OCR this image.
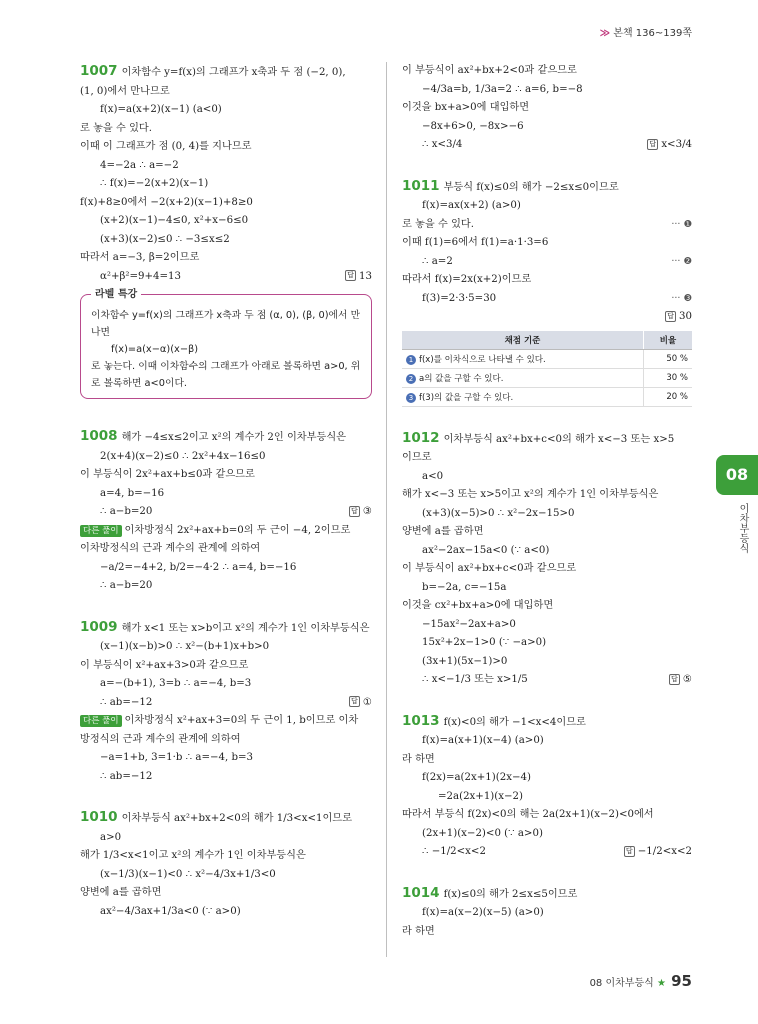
≫ 본책 136~139쪽
1007 이차함수 y=f(x)의 그래프가 x축과 두 점 (−2, 0),
(1, 0)에서 만나므로
f(x)=a(x+2)(x−1) (a<0)
로 놓을 수 있다.
이때 이 그래프가 점 (0, 4)를 지나므로
4=−2a ∴ a=−2
∴ f(x)=−2(x+2)(x−1)
f(x)+8≥0에서 −2(x+2)(x−1)+8≥0
(x+2)(x−1)−4≤0, x²+x−6≤0
(x+3)(x−2)≤0 ∴ −3≤x≤2
따라서 a=−3, β=2이므로
α²+β²=9+4=13	답 13
라벨 특강
이차함수 y=f(x)의 그래프가 x축과 두 점 (α, 0), (β, 0)에서 만나면
f(x)=a(x−α)(x−β)
로 놓는다. 이때 이차함수의 그래프가 아래로 볼록하면 a>0, 위로 볼록하면 a<0이다.
1008 해가 −4≤x≤2이고 x²의 계수가 2인 이차부등식은
2(x+4)(x−2)≤0 ∴ 2x²+4x−16≤0
이 부등식이 2x²+ax+b≤0과 같으므로
a=4, b=−16
∴ a−b=20	답 ③
다른 풀이 이차방정식 2x²+ax+b=0의 두 근이 −4, 2이므로
이차방정식의 근과 계수의 관계에 의하여
−a/2=−4+2, b/2=−4·2 ∴ a=4, b=−16
∴ a−b=20
1009 해가 x<1 또는 x>b이고 x²의 계수가 1인 이차부등식은
(x−1)(x−b)>0 ∴ x²−(b+1)x+b>0
이 부등식이 x²+ax+3>0과 같으므로
a=−(b+1), 3=b ∴ a=−4, b=3
∴ ab=−12	답 ①
다른 풀이 이차방정식 x²+ax+3=0의 두 근이 1, b이므로 이차
방정식의 근과 계수의 관계에 의하여
−a=1+b, 3=1·b ∴ a=−4, b=3
∴ ab=−12
1010 이차부등식 ax²+bx+2<0의 해가 1/3<x<1이므로
a>0
해가 1/3<x<1이고 x²의 계수가 1인 이차부등식은
(x−1/3)(x−1)<0 ∴ x²−4/3x+1/3<0
양변에 a를 곱하면
ax²−4/3ax+1/3a<0 (∵ a>0)
이 부등식이 ax²+bx+2<0과 같으므로
−4/3a=b, 1/3a=2 ∴ a=6, b=−8
이것을 bx+a>0에 대입하면
−8x+6>0, −8x>−6
∴ x<3/4	답 x<3/4
1011 부등식 f(x)≤0의 해가 −2≤x≤0이므로
f(x)=ax(x+2) (a>0)
로 놓을 수 있다.	··· ❶
이때 f(1)=6에서 f(1)=a·1·3=6
∴ a=2	··· ❷
따라서 f(x)=2x(x+2)이므로
f(3)=2·3·5=30	··· ❸
답 30

채점 기준	비율
1 f(x)를 이차식으로 나타낼 수 있다.	50 %
2 a의 값을 구할 수 있다.	30 %
3 f(3)의 값을 구할 수 있다.	20 %
1012 이차부등식 ax²+bx+c<0의 해가 x<−3 또는 x>5
이므로
a<0
해가 x<−3 또는 x>5이고 x²의 계수가 1인 이차부등식은
(x+3)(x−5)>0 ∴ x²−2x−15>0
양변에 a를 곱하면
ax²−2ax−15a<0 (∵ a<0)
이 부등식이 ax²+bx+c<0과 같으므로
b=−2a, c=−15a
이것을 cx²+bx+a>0에 대입하면
−15ax²−2ax+a>0
15x²+2x−1>0 (∵ −a>0)
(3x+1)(5x−1)>0
∴ x<−1/3 또는 x>1/5	답 ⑤
1013 f(x)<0의 해가 −1<x<4이므로
f(x)=a(x+1)(x−4) (a>0)
라 하면
f(2x)=a(2x+1)(2x−4)
=2a(2x+1)(x−2)
따라서 부등식 f(2x)<0의 해는 2a(2x+1)(x−2)<0에서
(2x+1)(x−2)<0 (∵ a>0)
∴ −1/2<x<2	답 −1/2<x<2
1014 f(x)≤0의 해가 2≤x≤5이므로
f(x)=a(x−2)(x−5) (a>0)
라 하면
08
이차부등식
08 이차부등식 ★ 95
